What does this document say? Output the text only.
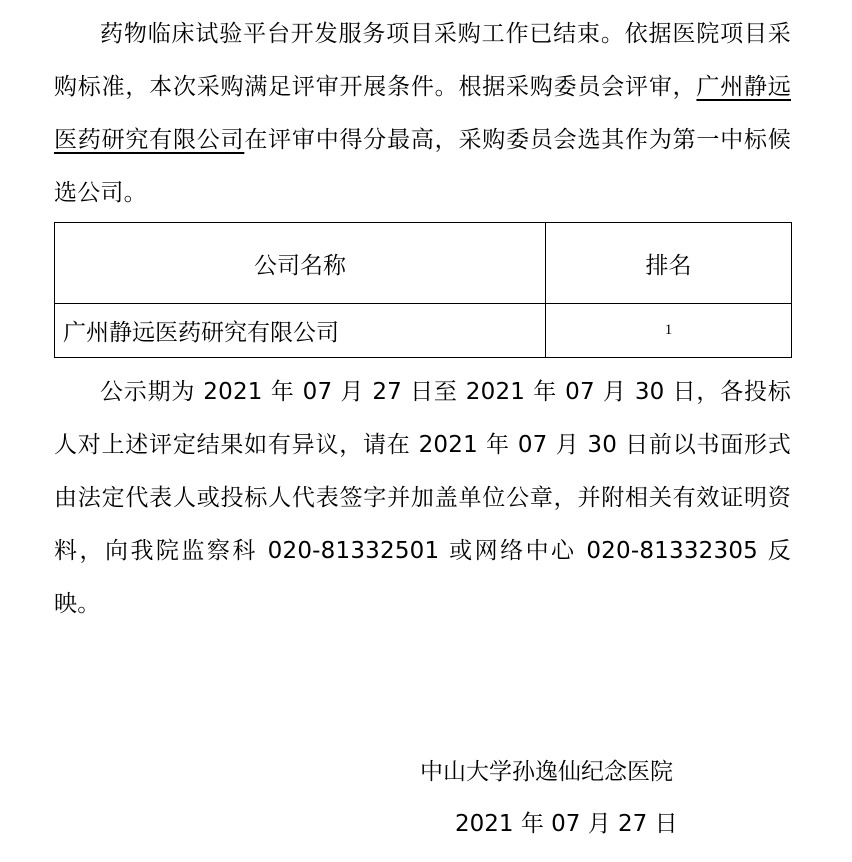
药物临床试验平台开发服务项目采购工作已结束。依据医院项目采购标准，本次采购满足评审开展条件。根据采购委员会评审，广州静远医药研究有限公司在评审中得分最高，采购委员会选其作为第一中标候选公司。

公司名称	排名
广州静远医药研究有限公司	1

公示期为 2021 年 07 月 27 日至 2021 年 07 月 30 日，各投标人对上述评定结果如有异议，请在 2021 年 07 月 30 日前以书面形式由法定代表人或投标人代表签字并加盖单位公章，并附相关有效证明资料，向我院监察科 020-81332501 或网络中心 020-81332305 反映。

中山大学孙逸仙纪念医院
2021 年 07 月 27 日
